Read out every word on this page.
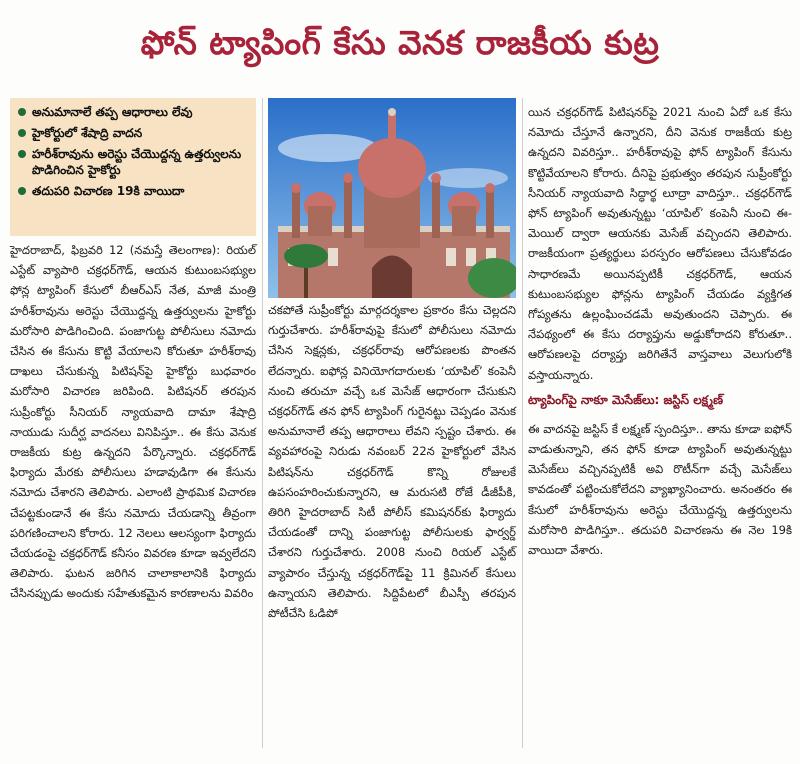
ఫోన్ ట్యాపింగ్ కేసు వెనక రాజకీయ కుట్ర
అనుమానాలే తప్ప ఆధారాలు లేవు
హైకోర్టులో శేషాద్రి వాదన
హరీశ్‌రావును అరెస్టు చేయొద్దన్న ఉత్తర్వులను పొడిగించిన హైకోర్టు
తదుపరి విచారణ 19కి వాయిదా

హైదరాబాద్, ఫిబ్రవరి 12 (నమస్తే తెలంగాణ): రియల్ ఎస్టేట్ వ్యాపారి చక్రధర్‌గౌడ్, ఆయన కుటుంబసభ్యుల ఫోన్ల ట్యాపింగ్ కేసులో బీఆర్‌ఎస్ నేత, మాజీ మంత్రి హరీశ్‌రావును అరెస్టు చేయొద్దన్న ఉత్తర్వులను హైకోర్టు మరోసారి పొడిగించింది. పంజాగుట్ట పోలీసులు నమోదు చేసిన ఈ కేసును కొట్టి వేయాలని కోరుతూ హరీశ్‌రావు దాఖలు చేసుకున్న పిటిషన్‌పై హైకోర్టు బుధవారం మరోసారి విచారణ జరిపింది. పిటిషనర్ తరపున సుప్రీంకోర్టు సీనియర్ న్యాయవాది దామా శేషాద్రి నాయుడు సుదీర్ఘ వాదనలు వినిపిస్తూ.. ఈ కేసు వెనుక రాజకీయ కుట్ర ఉన్నదని పేర్కొన్నారు. చక్రధర్‌గౌడ్ ఫిర్యాదు మేరకు పోలీసులు హడావుడిగా ఈ కేసును నమోదు చేశారని తెలిపారు. ఎలాంటి ప్రాథమిక విచారణ చేపట్టకుండానే ఈ కేసు నమోదు చేయడాన్ని తీవ్రంగా పరిగణించాలని కోరారు. 12 నెలలు ఆలస్యంగా ఫిర్యాదు చేయడంపై చక్రధర్‌గౌడ్ కనీసం వివరణ కూడా ఇవ్వలేదని తెలిపారు. ఘటన జరిగిన చాలాకాలానికి ఫిర్యాదు చేసినప్పుడు అందుకు సహేతుకమైన కారణాలను వివరిం

చకపోతే సుప్రీంకోర్టు మార్గదర్శకాల ప్రకారం కేసు చెల్లదని గుర్తుచేశారు. హరీశ్‌రావుపై కేసులో పోలీసులు నమోదు చేసిన సెక్షన్లకు, చక్రధర్‌రావు ఆరోపణలకు పొంతన లేదన్నారు. ఐఫోన్ల వినియోగదారులకు ‘యాపిల్’ కంపెనీ నుంచి తరుచూ వచ్చే ఒక మెసేజ్ ఆధారంగా చేసుకుని చక్రధర్‌గౌడ్ తన ఫోన్ ట్యాపింగ్ గురైనట్టు చెప్పడం వెనుక అనుమానాలే తప్ప ఆధారాలు లేవని స్పష్టం చేశారు. ఈ వ్యవహారంపై నిరుడు నవంబర్ 22న హైకోర్టులో వేసిన పిటిషన్‌ను చక్రధర్‌గౌడ్ కొన్ని రోజులకే ఉపసంహరించుకున్నారని, ఆ మరుసటి రోజే డీజీపీకి, తిరిగి హైదరాబాద్ సిటీ పోలీస్ కమిషనర్‌కు ఫిర్యాదు చేయడంతో దాన్ని పంజాగుట్ట పోలీసులకు ఫార్వర్డ్ చేశారని గుర్తుచేశారు. 2008 నుంచి రియల్ ఎస్టేట్ వ్యాపారం చేస్తున్న చక్రధర్‌గౌడ్‌పై 11 క్రిమినల్ కేసులు ఉన్నాయని తెలిపారు. సిద్దిపేటలో బీఎస్పీ తరపున పోటీచేసి ఓడిపో

యిన చక్రధర్‌గౌడ్ పిటిషనర్‌పై 2021 నుంచి ఏదో ఒక కేసు నమోదు చేస్తూనే ఉన్నారని, దీని వెనుక రాజకీయ కుట్ర ఉన్నదని వివరిస్తూ.. హరీశ్‌రావుపై ఫోన్ ట్యాపింగ్ కేసును కొట్టివేయాలని కోరారు. దీనిపై ప్రభుత్వం తరపున సుప్రీంకోర్టు సీనియర్ న్యాయవాది సిద్ధార్థ లూద్రా వాదిస్తూ.. చక్రధర్‌గౌడ్ ఫోన్ ట్యాపింగ్ అవుతున్నట్టు ‘యాపిల్’ కంపెనీ నుంచి ఈ-మెయిల్ ద్వారా ఆయనకు మెసేజ్ వచ్చిందని తెలిపారు. రాజకీయంగా ప్రత్యర్థులు పరస్పరం ఆరోపణలు చేసుకోవడం సాధారణమే అయినప్పటికీ చక్రధర్‌గౌడ్, ఆయన కుటుంబసభ్యుల ఫోన్లను ట్యాపింగ్ చేయడం వ్యక్తిగత గోప్యతను ఉల్లంఘించడమే అవుతుందని చెప్పారు. ఈ నేపథ్యంలో ఈ కేసు దర్యాప్తును అడ్డుకోరాదని కోరుతూ.. ఆరోపణలపై దర్యాప్తు జరిగితేనే వాస్తవాలు వెలుగులోకి వస్తాయన్నారు.

ట్యాపింగ్‌పై నాకూ మెసేజ్‌లు: జస్టిస్ లక్ష్మణ్

ఈ వాదనపై జస్టిస్ కే లక్ష్మణ్ స్పందిస్తూ.. తాను కూడా ఐఫోన్ వాడుతున్నాని, తన ఫోన్ కూడా ట్యాపింగ్ అవుతున్నట్టు మెసేజ్‌లు వచ్చినప్పటికీ అవి రొటీన్‌గా వచ్చే మెసేజ్‌లు కావడంతో పట్టించుకోలేదని వ్యాఖ్యానించారు. అనంతరం ఈ కేసులో హరీశ్‌రావును అరెస్టు చేయొద్దన్న ఉత్తర్వులను మరోసారి పొడిగిస్తూ.. తదుపరి విచారణను ఈ నెల 19కి వాయిదా వేశారు.
